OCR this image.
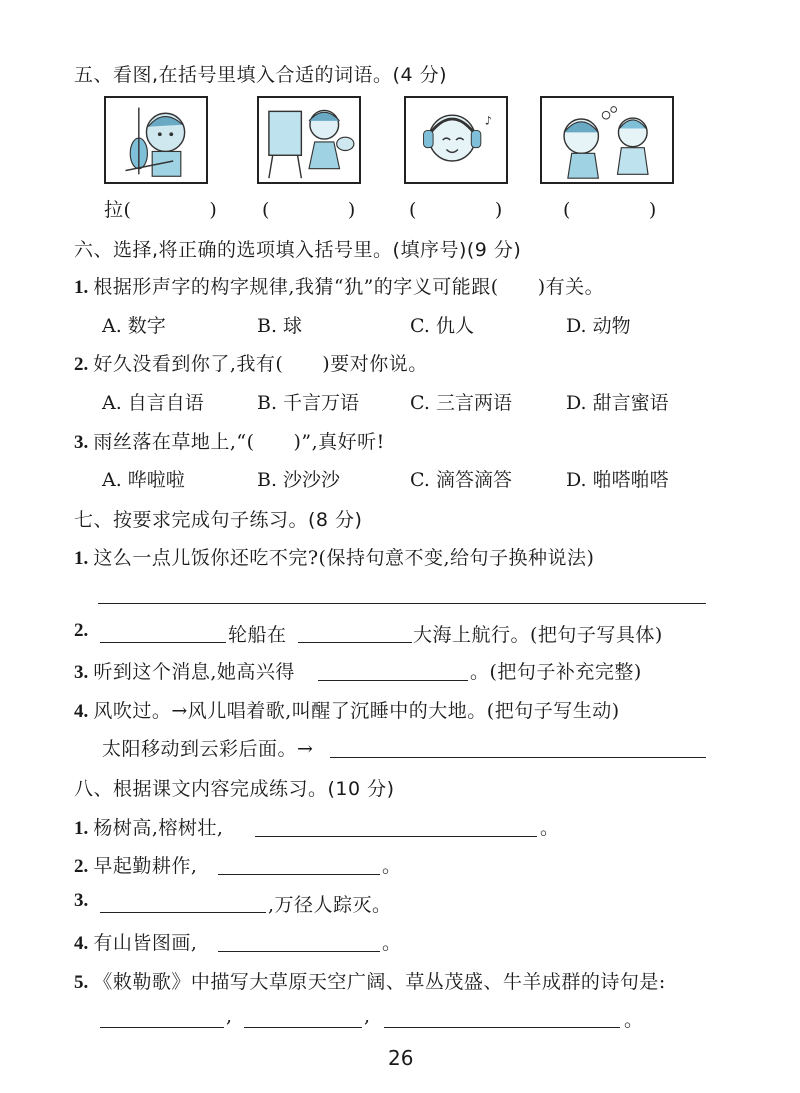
五、看图,在括号里填入合适的词语。(4 分)
♪
拉(　　　　) (　　　　)	(　　　　)	(　　　　)
六、选择,将正确的选项填入括号里。(填序号)(9 分)
1. 根据形声字的构字规律,我猜“犰”的字义可能跟(　　)有关。
A. 数字	B. 球	C. 仇人	D. 动物
2. 好久没看到你了,我有(　　)要对你说。
A. 自言自语	B. 千言万语	C. 三言两语	D. 甜言蜜语
3. 雨丝落在草地上,“(　　)”,真好听!
A. 哗啦啦	B. 沙沙沙	C. 滴答滴答	D. 啪嗒啪嗒
七、按要求完成句子练习。(8 分)
1. 这么一点儿饭你还吃不完?(保持句意不变,给句子换种说法)
2.	轮船在	大海上航行。(把句子写具体)
3. 听到这个消息,她高兴得	。(把句子补充完整)
4. 风吹过。→风儿唱着歌,叫醒了沉睡中的大地。(把句子写生动)
太阳移动到云彩后面。→
八、根据课文内容完成练习。(10 分)
1. 杨树高,榕树壮,	。
2. 早起勤耕作,	。
3.	,万径人踪灭。
4. 有山皆图画,	。
5. 《敕勒歌》中描写大草原天空广阔、草丛茂盛、牛羊成群的诗句是:
,	,	。
26
